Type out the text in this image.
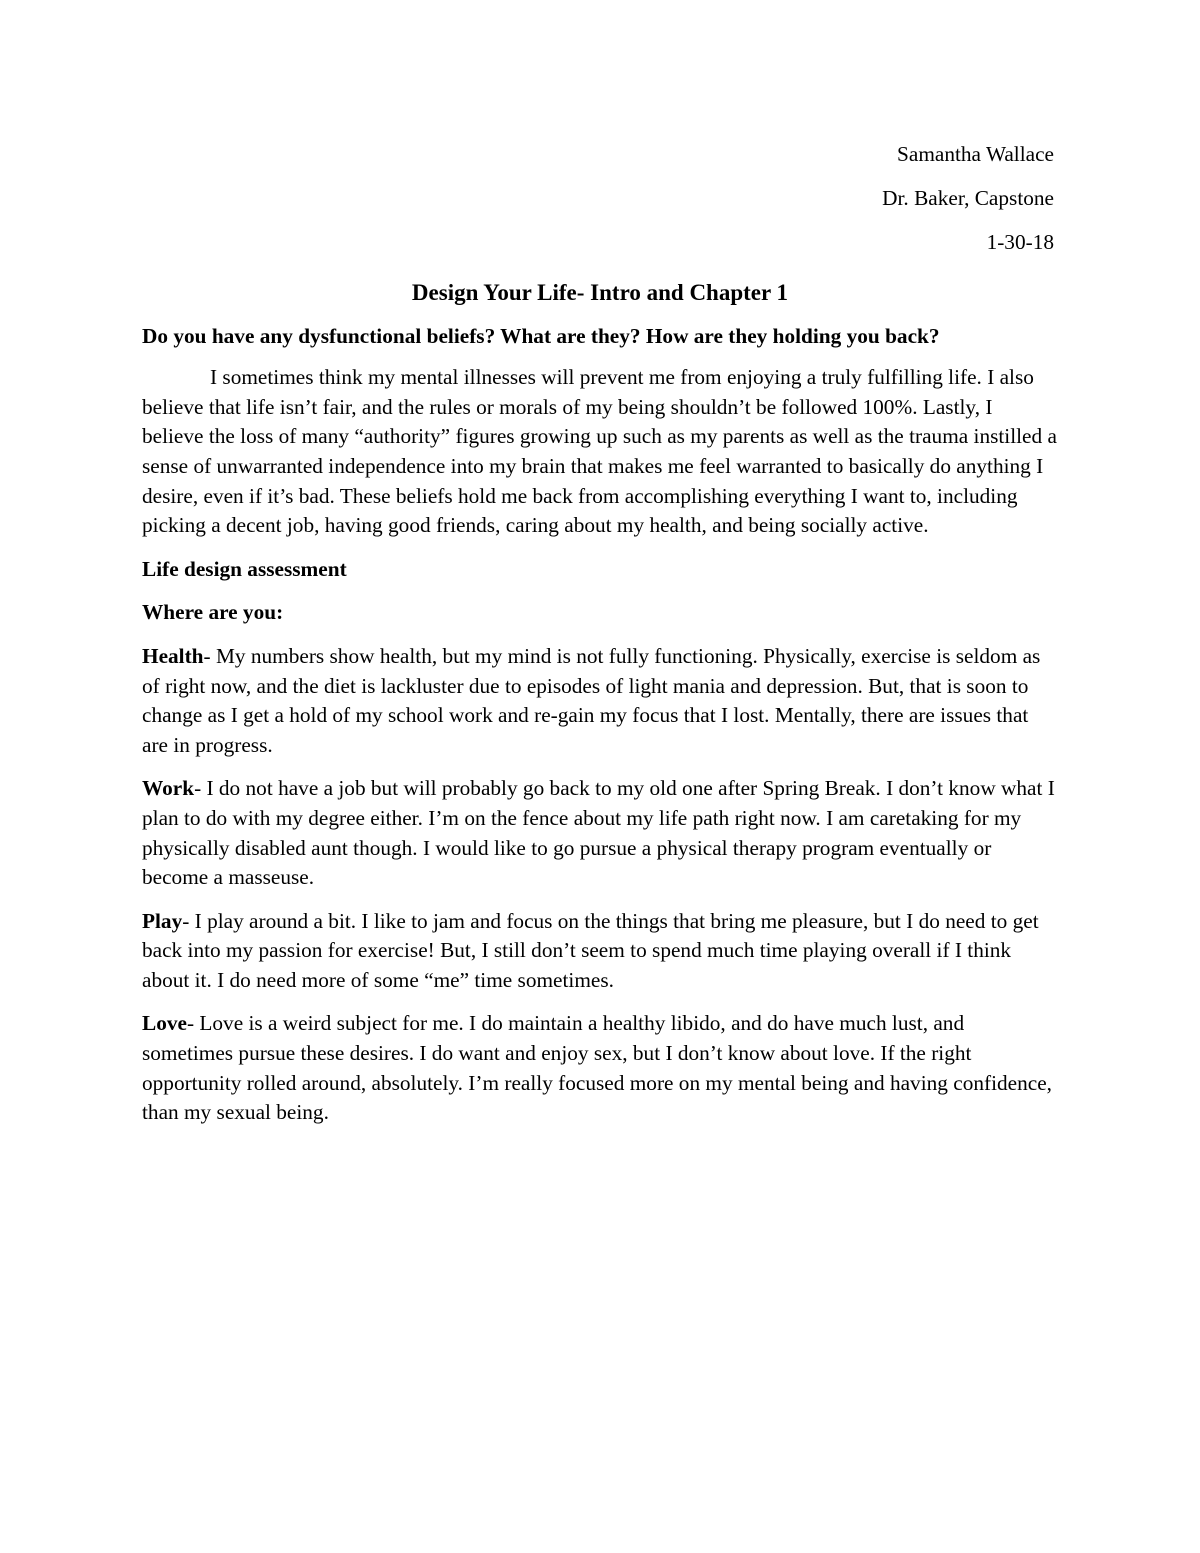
Samantha Wallace
Dr. Baker, Capstone
1-30-18
Design Your Life- Intro and Chapter 1
Do you have any dysfunctional beliefs? What are they? How are they holding you back?
I sometimes think my mental illnesses will prevent me from enjoying a truly fulfilling life. I also believe that life isn’t fair, and the rules or morals of my being shouldn’t be followed 100%. Lastly, I believe the loss of many “authority” figures growing up such as my parents as well as the trauma instilled a sense of unwarranted independence into my brain that makes me feel warranted to basically do anything I desire, even if it’s bad. These beliefs hold me back from accomplishing everything I want to, including picking a decent job, having good friends, caring about my health, and being socially active.
Life design assessment
Where are you:
Health- My numbers show health, but my mind is not fully functioning. Physically, exercise is seldom as of right now, and the diet is lackluster due to episodes of light mania and depression. But, that is soon to change as I get a hold of my school work and re-gain my focus that I lost. Mentally, there are issues that are in progress.
Work- I do not have a job but will probably go back to my old one after Spring Break. I don’t know what I plan to do with my degree either. I’m on the fence about my life path right now. I am caretaking for my physically disabled aunt though. I would like to go pursue a physical therapy program eventually or become a masseuse.
Play- I play around a bit. I like to jam and focus on the things that bring me pleasure, but I do need to get back into my passion for exercise! But, I still don’t seem to spend much time playing overall if I think about it. I do need more of some “me” time sometimes.
Love- Love is a weird subject for me. I do maintain a healthy libido, and do have much lust, and sometimes pursue these desires. I do want and enjoy sex, but I don’t know about love. If the right opportunity rolled around, absolutely. I’m really focused more on my mental being and having confidence, than my sexual being.
